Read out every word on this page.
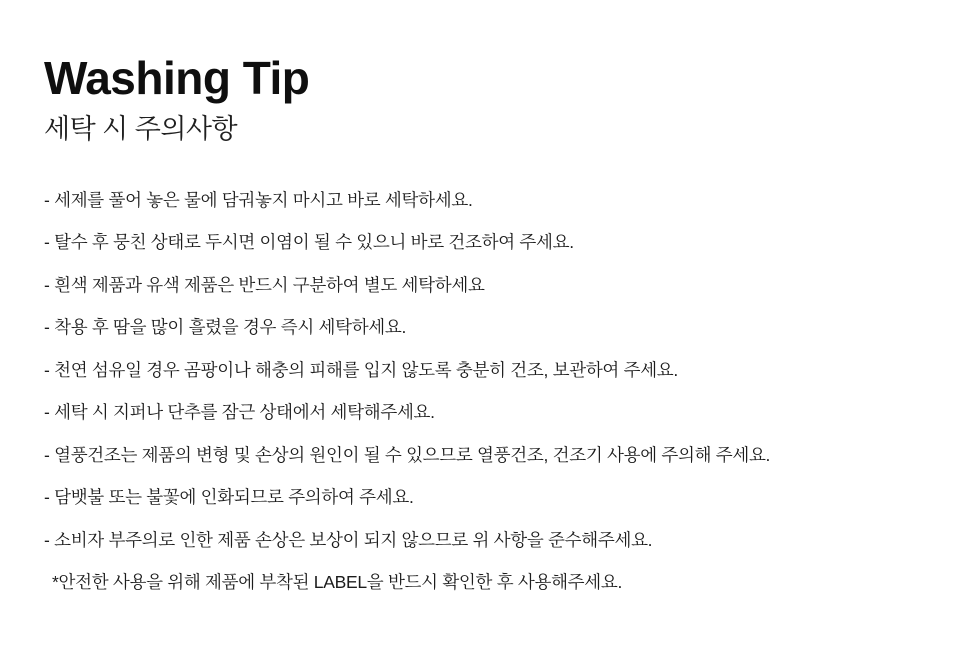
Washing Tip
세탁 시 주의사항

- 세제를 풀어 놓은 물에 담궈놓지 마시고 바로 세탁하세요.

- 탈수 후 뭉친 상태로 두시면 이염이 될 수 있으니 바로 건조하여 주세요.

- 흰색 제품과 유색 제품은 반드시 구분하여 별도 세탁하세요

- 착용 후 땀을 많이 흘렸을 경우 즉시 세탁하세요.

- 천연 섬유일 경우 곰팡이나 해충의 피해를 입지 않도록 충분히 건조, 보관하여 주세요.

- 세탁 시 지퍼나 단추를 잠근 상태에서 세탁해주세요.

- 열풍건조는 제품의 변형 및 손상의 원인이 될 수 있으므로 열풍건조, 건조기 사용에 주의해 주세요.

- 담뱃불 또는 불꽃에 인화되므로 주의하여 주세요.

- 소비자 부주의로 인한 제품 손상은 보상이 되지 않으므로 위 사항을 준수해주세요.

*안전한 사용을 위해 제품에 부착된 LABEL을 반드시 확인한 후 사용해주세요.
